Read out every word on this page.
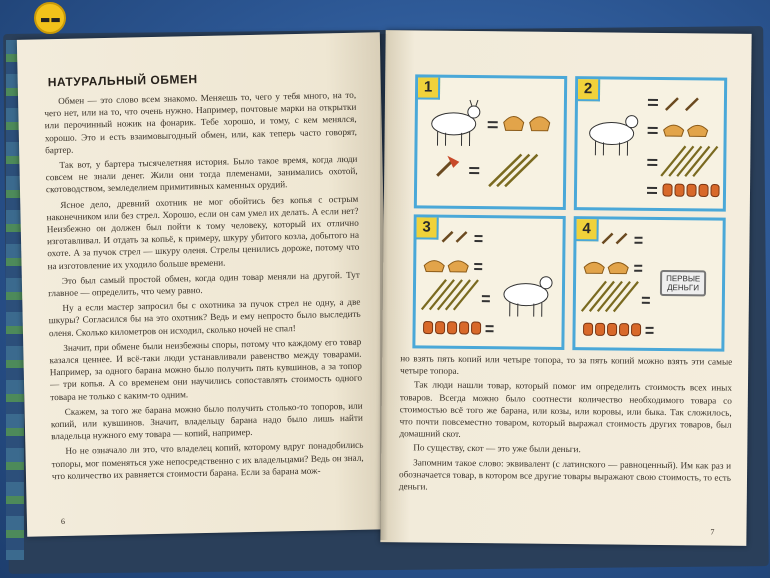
▬▬
НАТУРАЛЬНЫЙ ОБМЕН

Обмен — это слово всем знакомо. Меняешь то, чего у тебя много, на то, чего нет, или на то, что очень нужно. Например, почтовые марки на открытки или перочинный ножик на фонарик. Тебе хорошо, и тому, с кем менялся, хорошо. Это и есть взаимовыгодный обмен, или, как теперь часто говорят, бартер.

Так вот, у бартера тысячелетняя история. Было такое время, когда люди совсем не знали денег. Жили они тогда племенами, занимались охотой, скотоводством, земледелием примитивных каменных орудий.

Ясное дело, древний охотник не мог обойтись без копья с острым наконечником или без стрел. Хорошо, если он сам умел их делать. А если нет? Неизбежно он должен был пойти к тому человеку, который их отлично изготавливал. И отдать за копьё, к примеру, шкуру убитого козла, добытого на охоте. А за пучок стрел — шкуру оленя. Стрелы ценились дороже, потому что на изготовление их уходило больше времени.

Это был самый простой обмен, когда один товар меняли на другой. Тут главное — определить, что чему равно.

Ну а если мастер запросил бы с охотника за пучок стрел не одну, а две шкуры? Согласился бы на это охотник? Ведь и ему непросто было выследить оленя. Сколько километров он исходил, сколько ночей не спал!

Значит, при обмене были неизбежны споры, потому что каждому его товар казался ценнее. И всё-таки люди устанавливали равенство между товарами. Например, за одного барана можно было получить пять кувшинов, а за топор — три копья. А со временем они научились сопоставлять стоимость одного товара не только с каким-то одним.

Скажем, за того же барана можно было получить столько-то топоров, или копий, или кувшинов. Значит, владельцу барана надо было лишь найти владельца нужного ему товара — копий, например.

Но не означало ли это, что владелец копий, которому вдруг понадобились топоры, мог поменяться уже непосредственно с их владельцами? Ведь он знал, что количество их равняется стоимости барана. Если за барана мож-

6
1	2
3	4
ПЕРВЫЕ
ДЕНЬГИ

но взять пять копий или четыре топора, то за пять копий можно взять эти самые четыре топора.

Так люди нашли товар, который помог им определить стоимость всех иных товаров. Всегда можно было соотнести количество необходимого товара со стоимостью всё того же барана, или козы, или коровы, или быка. Так сложилось, что почти повсеместно товаром, который выражал стоимость других товаров, был домашний скот.

По существу, скот — это уже были деньги.

Запомним такое слово: эквивалент (с латинского — равноценный). Им как раз и обозначается товар, в котором все другие товары выражают свою стоимость, то есть деньги.

7
